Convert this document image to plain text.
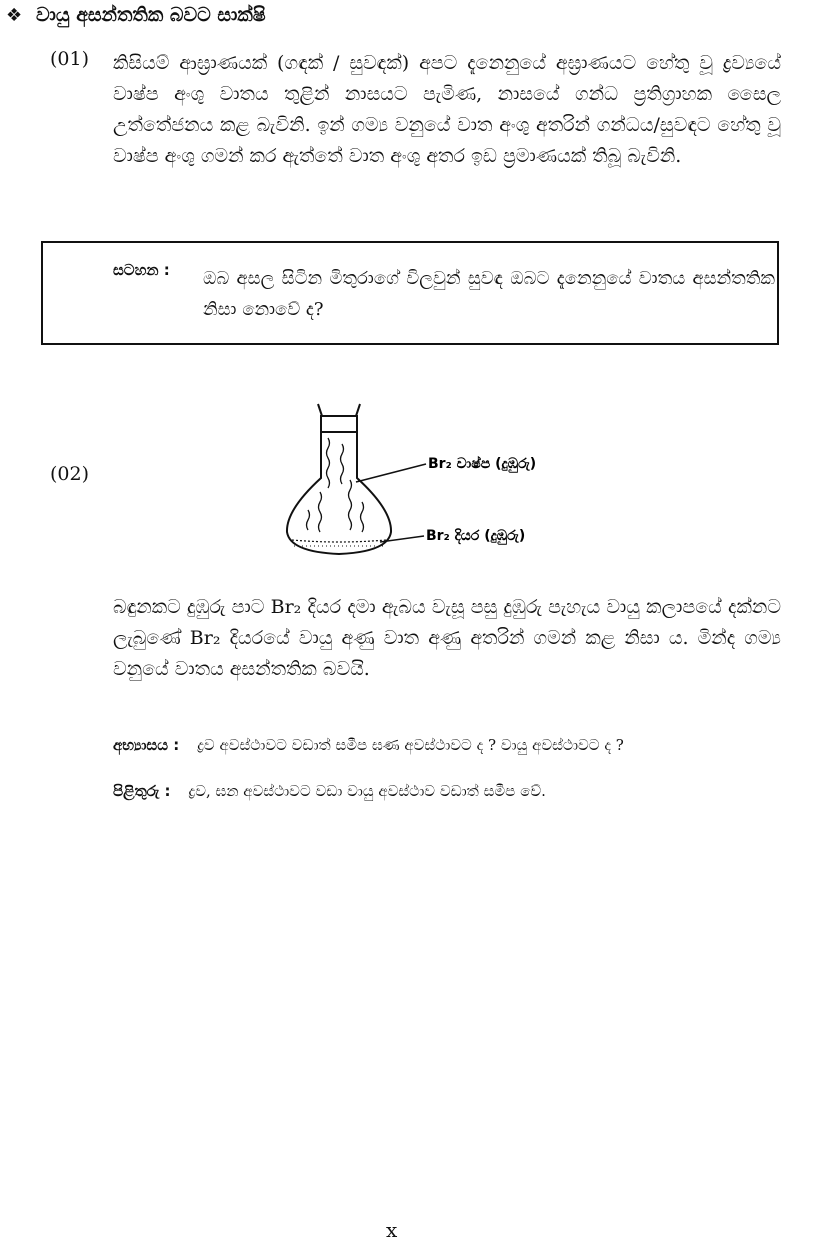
❖ වායු අසන්තතික බවට සාක්ෂි
(01) කිසියම් ආඝ්‍රාණයක් (ගඳක් / සුවඳක්) අපට දැනෙනුයේ අඝ්‍රාණයට හේතු වූ ද්‍රව්‍යයේ වාෂ්ප අංශු වාතය තුළින් නාසයට පැමිණ, නාසයේ ගන්ධ ප්‍රතිග්‍රාහක සෛල උත්තේජනය කළ බැවිනි. ඉන් ගම්‍ය වනුයේ වාත අංශු අතරින් ගන්ධය/සුවඳට හේතු වූ වාෂ්ප අංශු ගමන් කර ඇත්තේ වාත අංශු අතර ඉඩ ප්‍රමාණයක් තිබූ බැවිනි.

සටහන : ඔබ අසල සිටින මිතුරාගේ විලවුන් සුවඳ ඔබට දැනෙනුයේ වාතය අසන්තතික නිසා නොවේ ද?
(02)	Br₂ වාෂ්ප (දුඹුරු)
Br₂ දියර (දුඹුරු)

බඳුනකට දුඹුරු පාට Br₂ දියර දමා ඇබය වැසූ පසු දුඹුරු පැහැය වායු කලාපයේ දක්නට ලැබුණේ Br₂ දියරයේ වායු අණු වාත අණු අතරින් ගමන් කළ නිසා ය. මින්ද ගම්‍ය වනුයේ වාතය අසන්තතික බවයි.

අභ්‍යාසය : ද්‍රව අවස්ථාවට වඩාත් සමීප ඝණ අවස්ථාවට ද ? වායු අවස්ථාවට ද ?
පිළිතුරු : ද්‍රව, ඝන අවස්ථාවට වඩා වායු අවස්ථාව වඩාත් සමීප වේ.
x
